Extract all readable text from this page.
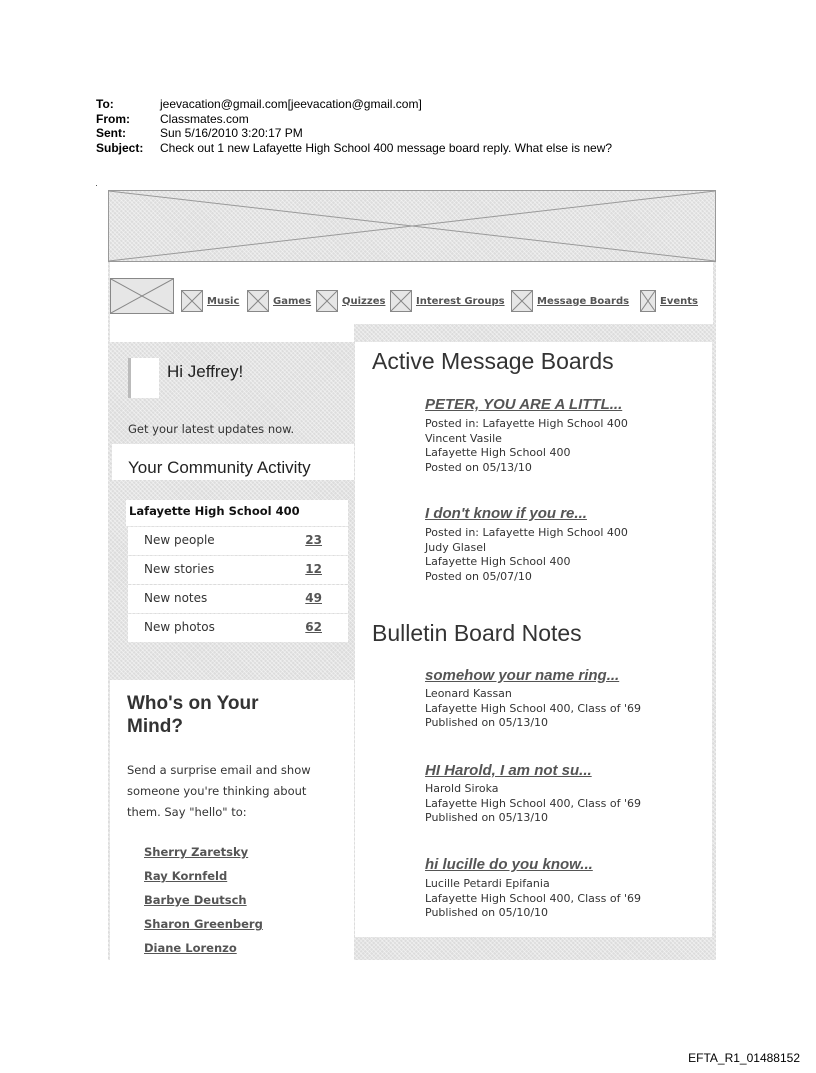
To:	jeevacation@gmail.com[jeevacation@gmail.com]
From:	Classmates.com
Sent:	Sun 5/16/2010 3:20:17 PM
Subject:	Check out 1 new Lafayette High School 400 message board reply. What else is new?
Music	Games	Quizzes	Interest Groups	Message Boards	Events
Hi Jeffrey!
Get your latest updates now.
Your Community Activity
Lafayette High School 400
New people	23
New stories	12
New notes	49
New photos	62
Who's on Your
Mind?
Send a surprise email and show
someone you're thinking about
them. Say "hello" to:
Sherry Zaretsky
Ray Kornfeld
Barbye Deutsch
Sharon Greenberg
Diane Lorenzo
Active Message Boards
PETER, YOU ARE A LITTL...
Posted in: Lafayette High School 400
Vincent Vasile
Lafayette High School 400
Posted on 05/13/10
I don't know if you re...
Posted in: Lafayette High School 400
Judy Glasel
Lafayette High School 400
Posted on 05/07/10
Bulletin Board Notes
somehow your name ring...
Leonard Kassan
Lafayette High School 400, Class of '69
Published on 05/13/10
HI Harold, I am not su...
Harold Siroka
Lafayette High School 400, Class of '69
Published on 05/13/10
hi lucille do you know...
Lucille Petardi Epifania
Lafayette High School 400, Class of '69
Published on 05/10/10
EFTA_R1_01488152
